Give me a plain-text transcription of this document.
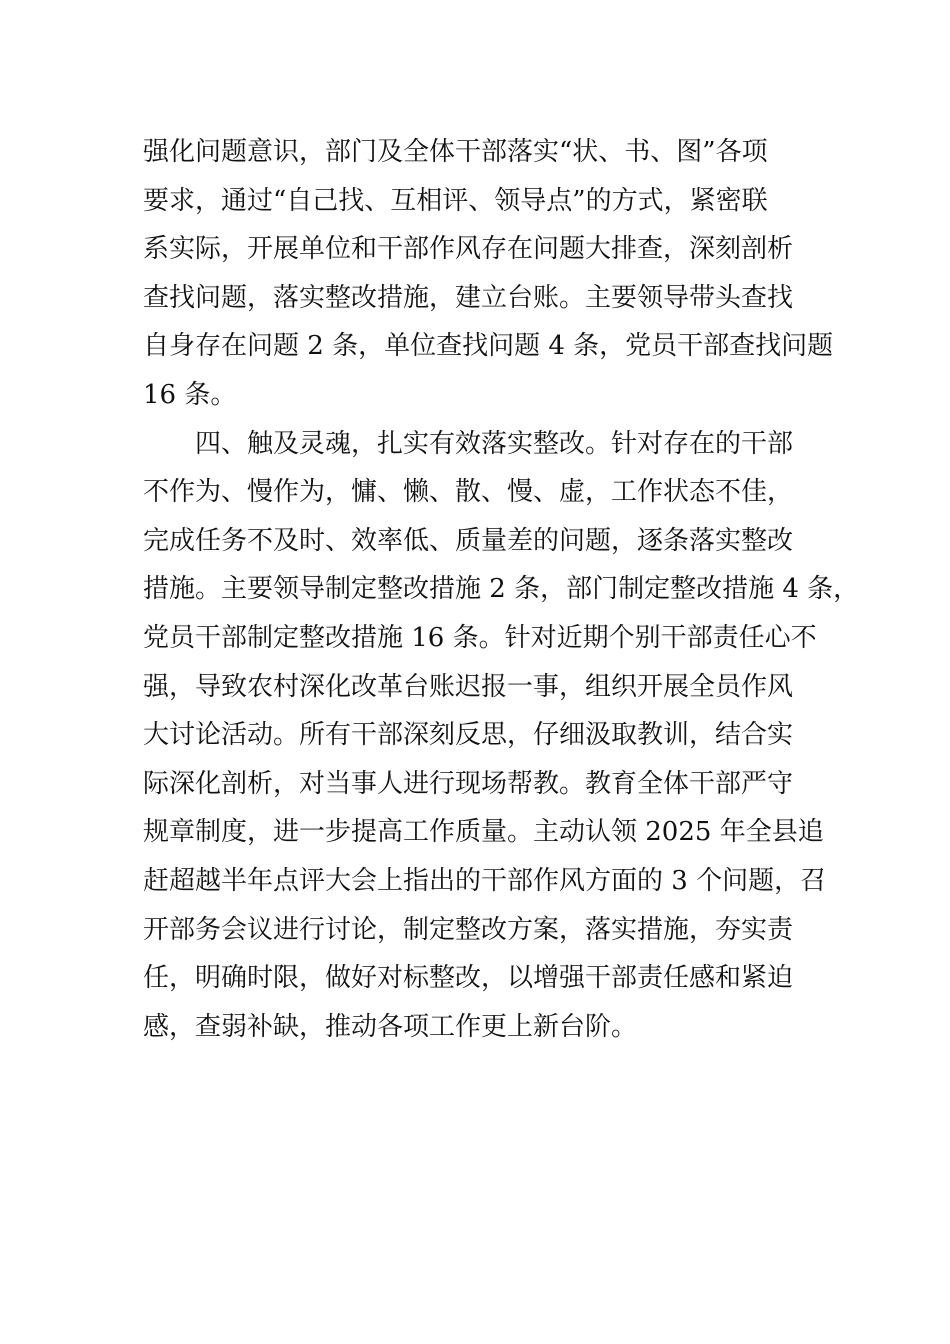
强化问题意识，部门及全体干部落实“状、书、图”各项
要求，通过“自己找、互相评、领导点”的方式，紧密联
系实际，开展单位和干部作风存在问题大排查，深刻剖析
查找问题，落实整改措施，建立台账。主要领导带头查找
自身存在问题 2 条，单位查找问题 4 条，党员干部查找问题
16 条。
四、触及灵魂，扎实有效落实整改。针对存在的干部
不作为、慢作为，慵、懒、散、慢、虚，工作状态不佳，
完成任务不及时、效率低、质量差的问题，逐条落实整改
措施。主要领导制定整改措施 2 条，部门制定整改措施 4 条，
党员干部制定整改措施 16 条。针对近期个别干部责任心不
强，导致农村深化改革台账迟报一事，组织开展全员作风
大讨论活动。所有干部深刻反思，仔细汲取教训，结合实
际深化剖析，对当事人进行现场帮教。教育全体干部严守
规章制度，进一步提高工作质量。主动认领 2025 年全县追
赶超越半年点评大会上指出的干部作风方面的 3 个问题，召
开部务会议进行讨论，制定整改方案，落实措施，夯实责
任，明确时限，做好对标整改，以增强干部责任感和紧迫
感，查弱补缺，推动各项工作更上新台阶。
